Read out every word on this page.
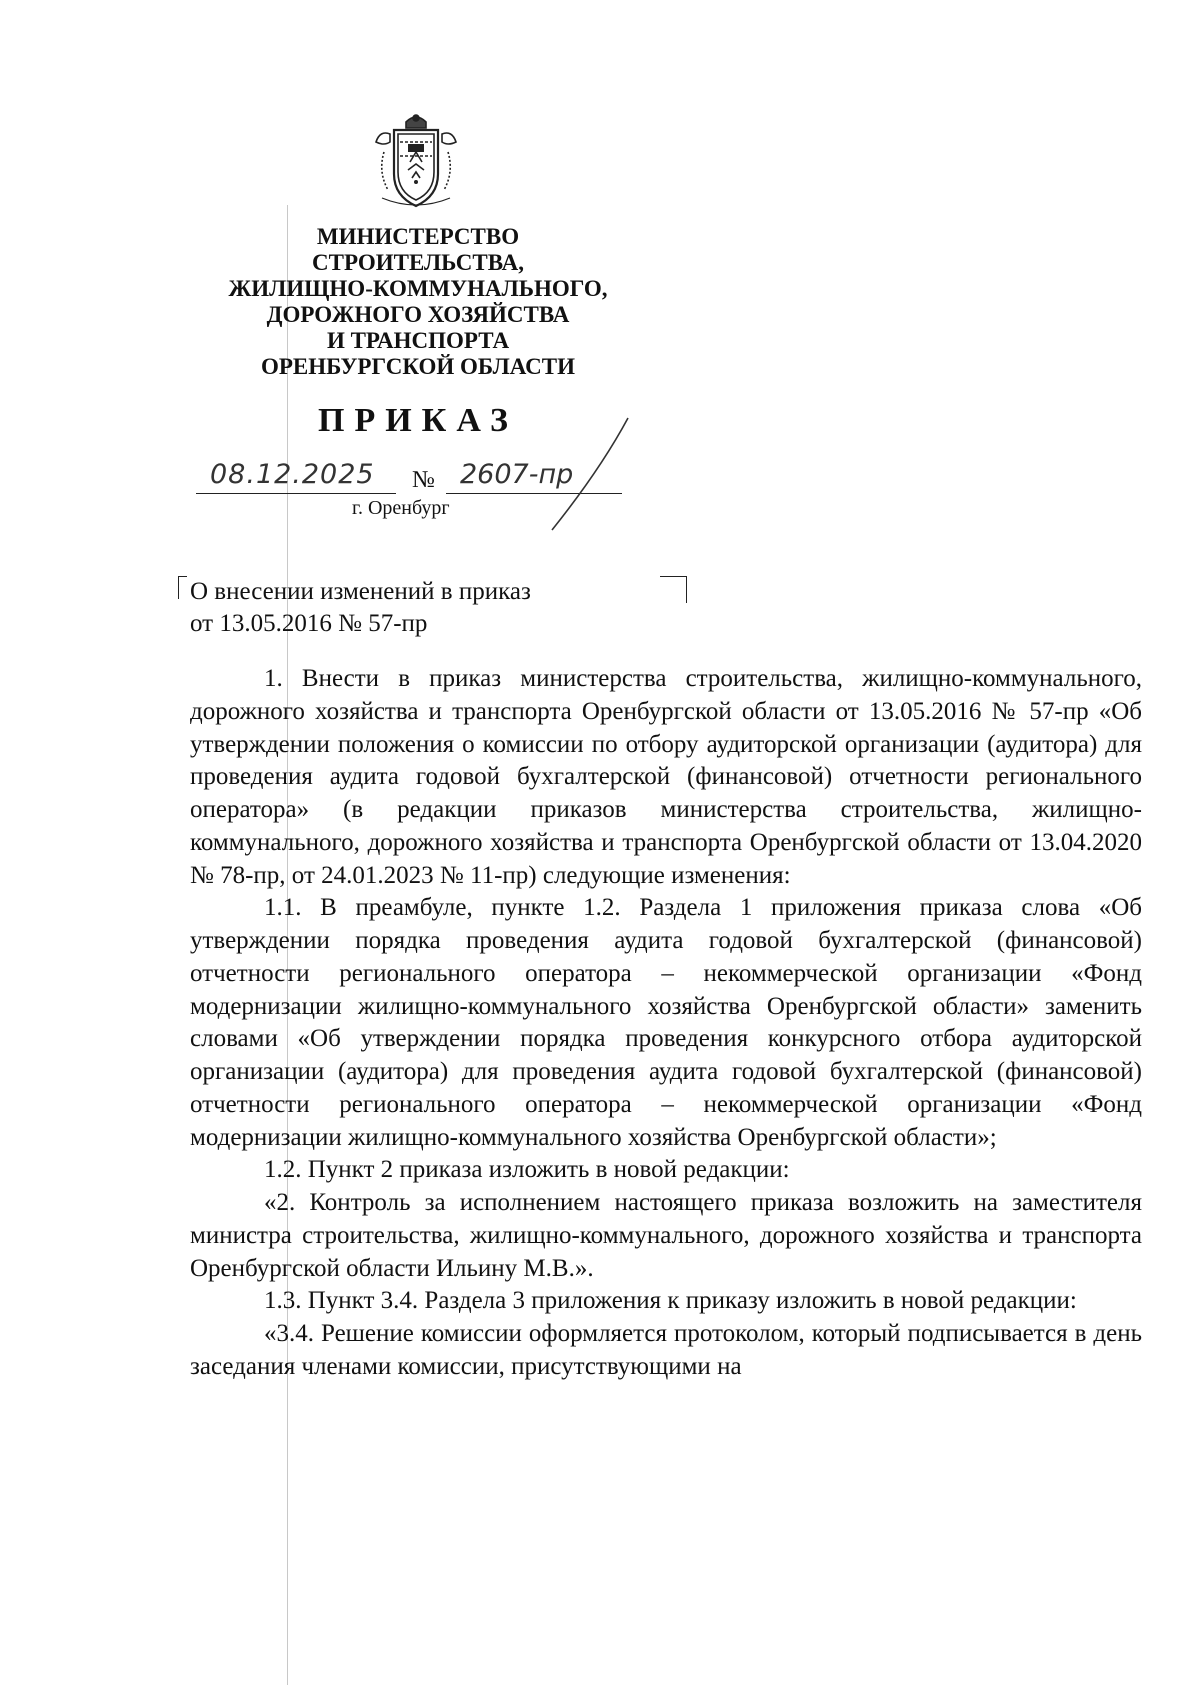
МИНИСТЕРСТВО
СТРОИТЕЛЬСТВА,
ЖИЛИЩНО-КОММУНАЛЬНОГО,
ДОРОЖНОГО ХОЗЯЙСТВА
И ТРАНСПОРТА
ОРЕНБУРГСКОЙ ОБЛАСТИ
ПРИКАЗ
08.12.2025	№ 2607-пр
г. Оренбург
О внесении изменений в приказ
от 13.05.2016 № 57-пр

1. Внести в приказ министерства строительства, жилищно-коммунального, дорожного хозяйства и транспорта Оренбургской области от 13.05.2016 № 57-пр «Об утверждении положения о комиссии по отбору аудиторской организации (аудитора) для проведения аудита годовой бухгалтерской (финансовой) отчетности регионального оператора» (в редакции приказов министерства строительства, жилищно-коммунального, дорожного хозяйства и транспорта Оренбургской области от 13.04.2020 № 78-пр, от 24.01.2023 № 11-пр) следующие изменения:

1.1. В преамбуле, пункте 1.2. Раздела 1 приложения приказа слова «Об утверждении порядка проведения аудита годовой бухгалтерской (финансовой) отчетности регионального оператора – некоммерческой организации «Фонд модернизации жилищно-коммунального хозяйства Оренбургской области» заменить словами «Об утверждении порядка проведения конкурсного отбора аудиторской организации (аудитора) для проведения аудита годовой бухгалтерской (финансовой) отчетности регионального оператора – некоммерческой организации «Фонд модернизации жилищно-коммунального хозяйства Оренбургской области»;

1.2. Пункт 2 приказа изложить в новой редакции:

«2. Контроль за исполнением настоящего приказа возложить на заместителя министра строительства, жилищно-коммунального, дорожного хозяйства и транспорта Оренбургской области Ильину М.В.».

1.3. Пункт 3.4. Раздела 3 приложения к приказу изложить в новой редакции:

«3.4. Решение комиссии оформляется протоколом, который подписывается в день заседания членами комиссии, присутствующими на
